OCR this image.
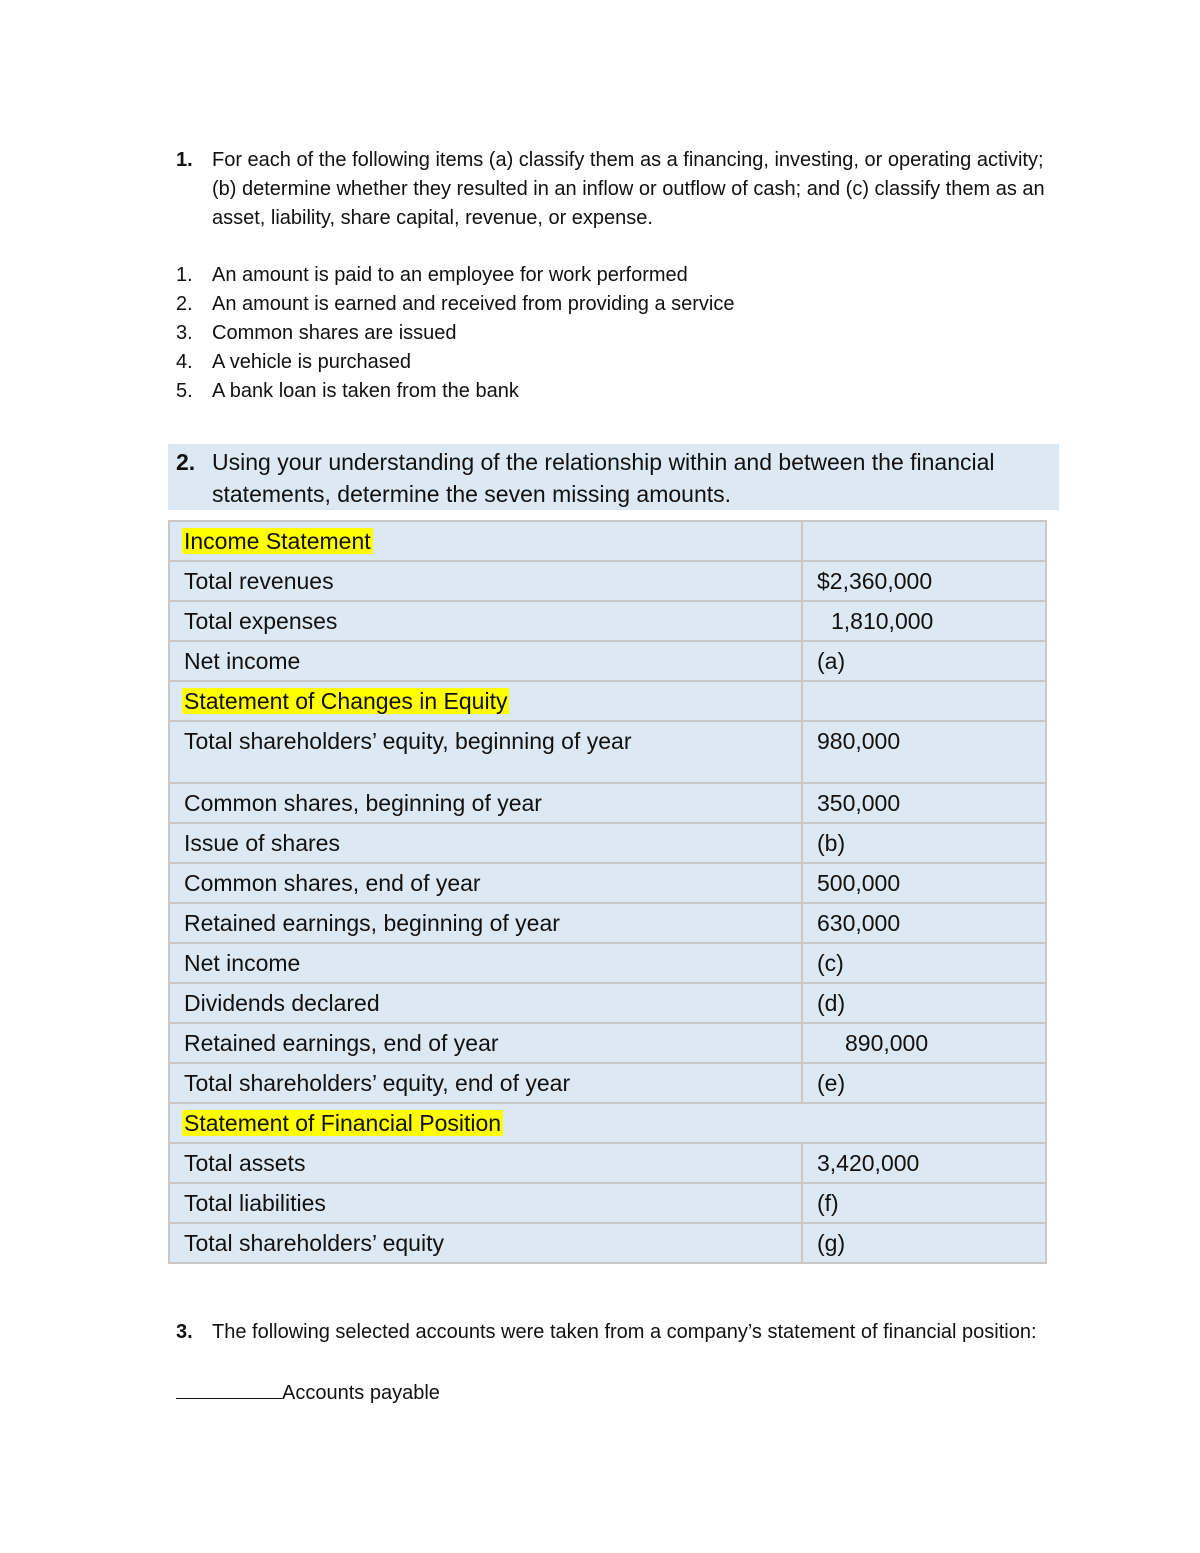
1. For each of the following items (a) classify them as a financing, investing, or operating activity; (b) determine whether they resulted in an inflow or outflow of cash; and (c) classify them as an asset, liability, share capital, revenue, or expense.
1. An amount is paid to an employee for work performed
2. An amount is earned and received from providing a service
3. Common shares are issued
4. A vehicle is purchased
5. A bank loan is taken from the bank
2. Using your understanding of the relationship within and between the financial statements, determine the seven missing amounts.
Income Statement	
Total revenues	$2,360,000
Total expenses	1,810,000
Net income	(a)
Statement of Changes in Equity	
Total shareholders’ equity, beginning of year	980,000
Common shares, beginning of year	350,000
Issue of shares	(b)
Common shares, end of year	500,000
Retained earnings, beginning of year	630,000
Net income	(c)
Dividends declared	(d)
Retained earnings, end of year	890,000
Total shareholders’ equity, end of year	(e)
Statement of Financial Position	
Total assets	3,420,000
Total liabilities	(f)
Total shareholders’ equity	(g)
3. The following selected accounts were taken from a company’s statement of financial position:
Accounts payable
